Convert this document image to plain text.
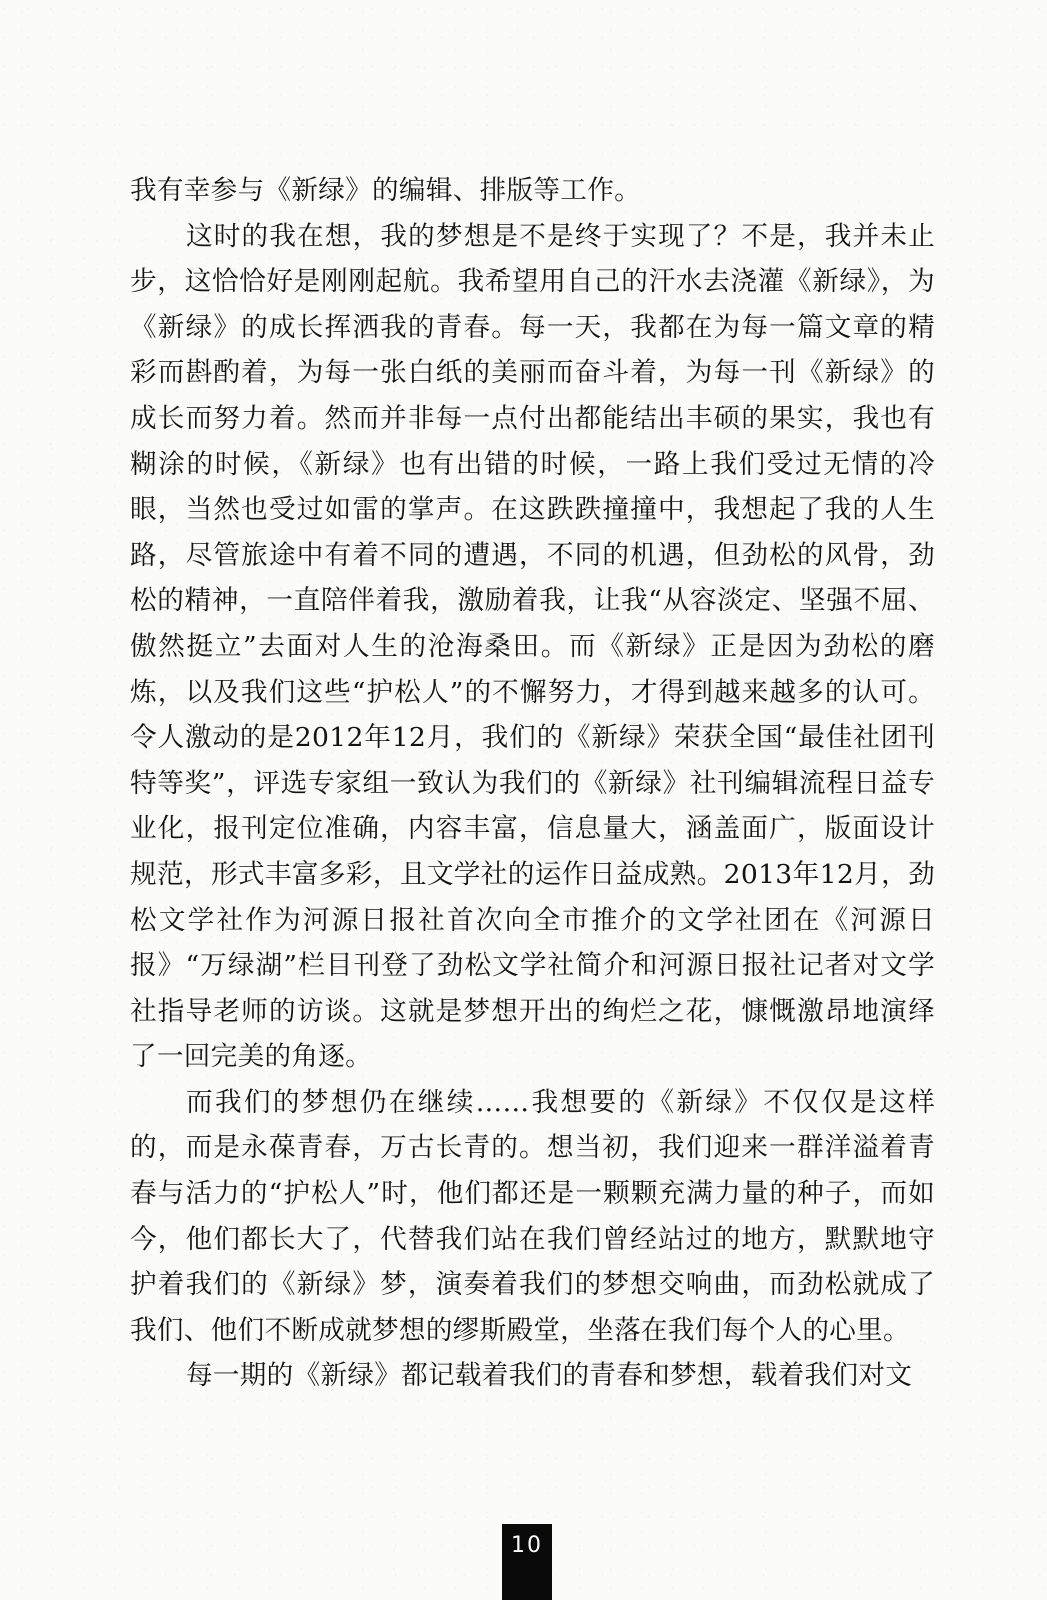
我有幸参与《新绿》的编辑、排版等工作。

这时的我在想，我的梦想是不是终于实现了？不是，我并未止步，这恰恰好是刚刚起航。我希望用自己的汗水去浇灌《新绿》，为《新绿》的成长挥洒我的青春。每一天，我都在为每一篇文章的精彩而斟酌着，为每一张白纸的美丽而奋斗着，为每一刊《新绿》的成长而努力着。然而并非每一点付出都能结出丰硕的果实，我也有糊涂的时候，《新绿》也有出错的时候，一路上我们受过无情的冷眼，当然也受过如雷的掌声。在这跌跌撞撞中，我想起了我的人生路，尽管旅途中有着不同的遭遇，不同的机遇，但劲松的风骨，劲松的精神，一直陪伴着我，激励着我，让我“从容淡定、坚强不屈、傲然挺立”去面对人生的沧海桑田。而《新绿》正是因为劲松的磨炼，以及我们这些“护松人”的不懈努力，才得到越来越多的认可。令人激动的是2012年12月，我们的《新绿》荣获全国“最佳社团刊特等奖”，评选专家组一致认为我们的《新绿》社刊编辑流程日益专业化，报刊定位准确，内容丰富，信息量大，涵盖面广，版面设计规范，形式丰富多彩，且文学社的运作日益成熟。2013年12月，劲松文学社作为河源日报社首次向全市推介的文学社团在《河源日报》“万绿湖”栏目刊登了劲松文学社简介和河源日报社记者对文学社指导老师的访谈。这就是梦想开出的绚烂之花，慷慨激昂地演绎了一回完美的角逐。

而我们的梦想仍在继续……我想要的《新绿》不仅仅是这样的，而是永葆青春，万古长青的。想当初，我们迎来一群洋溢着青春与活力的“护松人”时，他们都还是一颗颗充满力量的种子，而如今，他们都长大了，代替我们站在我们曾经站过的地方，默默地守护着我们的《新绿》梦，演奏着我们的梦想交响曲，而劲松就成了我们、他们不断成就梦想的缪斯殿堂，坐落在我们每个人的心里。

每一期的《新绿》都记载着我们的青春和梦想，载着我们对文

10
